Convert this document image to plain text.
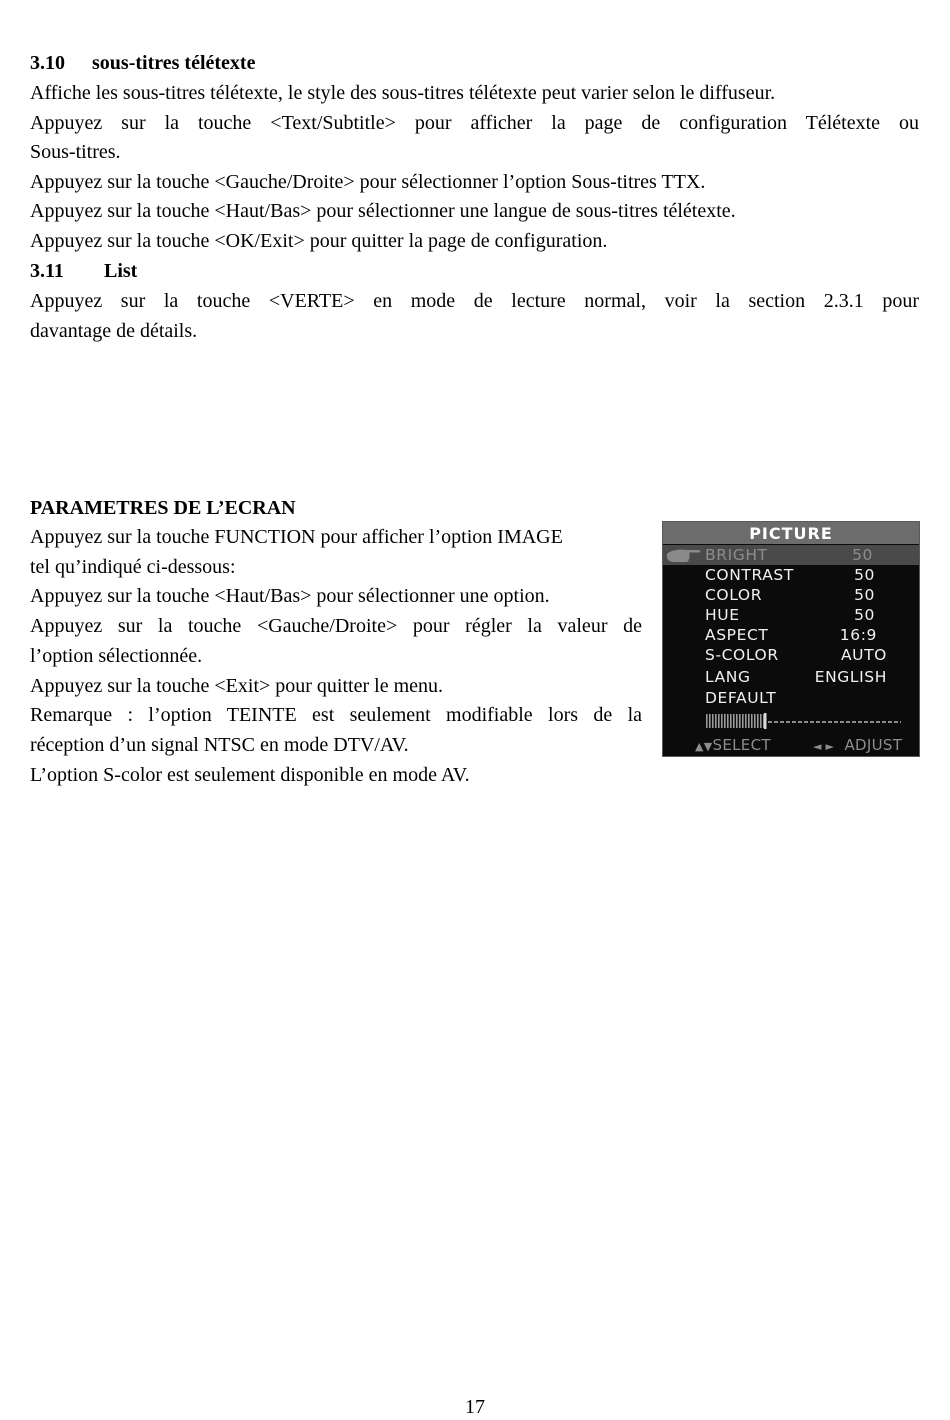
3.10 sous-titres télétexte
Affiche les sous-titres télétexte, le style des sous-titres télétexte peut varier selon le diffuseur.
Appuyez sur la touche <Text/Subtitle> pour afficher la page de configuration Télétexte ou
Sous-titres.
Appuyez sur la touche <Gauche/Droite> pour sélectionner l’option Sous-titres TTX.
Appuyez sur la touche <Haut/Bas> pour sélectionner une langue de sous-titres télétexte.
Appuyez sur la touche <OK/Exit> pour quitter la page de configuration.
3.11 List
Appuyez sur la touche <VERTE> en mode de lecture normal, voir la section 2.3.1 pour
davantage de détails.
PARAMETRES DE L’ECRAN
Appuyez sur la touche FUNCTION pour afficher l’option IMAGE
tel qu’indiqué ci-dessous:
Appuyez sur la touche <Haut/Bas> pour sélectionner une option.
Appuyez sur la touche <Gauche/Droite> pour régler la valeur de
l’option sélectionnée.
Appuyez sur la touche <Exit> pour quitter le menu.
Remarque : l’option TEINTE est seulement modifiable lors de la
réception d’un signal NTSC en mode DTV/AV.
L’option S-color est seulement disponible en mode AV.
PICTURE
BRIGHT	50
CONTRAST	50
COLOR	50
HUE	50
ASPECT	16:9
S-COLOR	AUTO
LANG	ENGLISH
DEFAULT
▲▼SELECT	◄ ► ADJUST
17
